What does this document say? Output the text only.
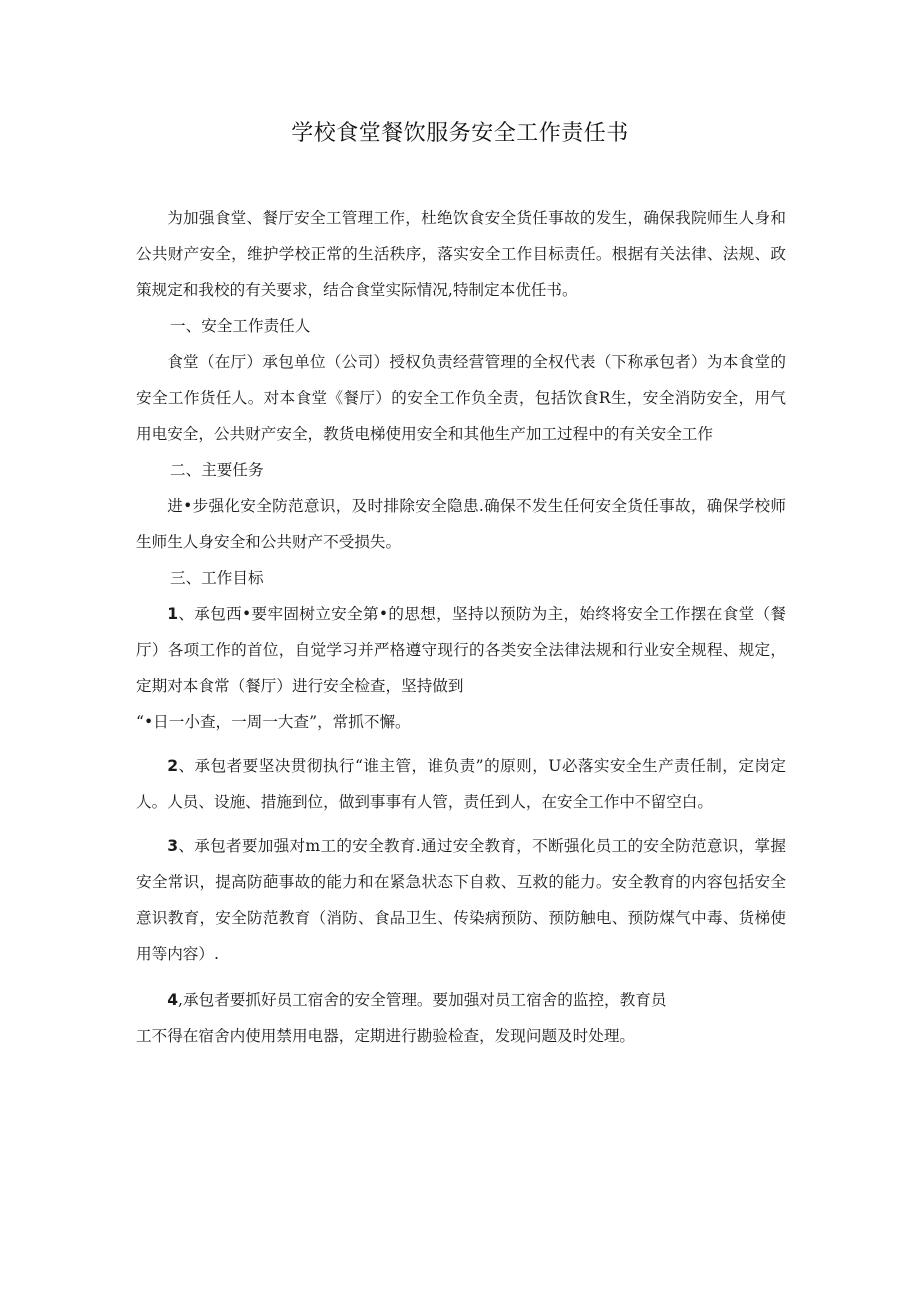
学校食堂餐饮服务安全工作责任书

为加强食堂、餐厅安全工管理工作，杜绝饮食安全货任事故的发生，确保我院师生人身和公共财产安全，维护学校正常的生活秩序，落实安全工作目标责任。根据有关法律、法规、政策规定和我校的有关要求，结合食堂实际情况,特制定本优任书。

一、安全工作责任人

食堂（在厅）承包单位（公司）授权负责经营管理的全权代表（下称承包者）为本食堂的安全工作货任人。对本食堂《餐厅）的安全工作负全责，包括饮食R生，安全消防安全，用气用电安全，公共财产安全，教货电梯使用安全和其他生产加工过程中的有关安全工作

二、主要任务

进•步强化安全防范意识，及时排除安全隐患.确保不发生任何安全货任事故，确保学校师生师生人身安全和公共财产不受损失。

三、工作目标

1、承包西•要牢固树立安全第•的思想，坚持以预防为主，始终将安全工作摆在食堂（餐厅）各项工作的首位，自觉学习并严格遵守现行的各类安全法律法规和行业安全规程、规定，定期对本食常（餐厅）进行安全检查，坚持做到

“•日一小查，一周一大查”，常抓不懈。

2、承包者要坚决贯彻执行“谁主管，谁负责”的原则，U必落实安全生产责任制，定岗定人。人员、设施、措施到位，做到事事有人管，责任到人，在安全工作中不留空白。

3、承包者要加强对m工的安全教育.通过安全教育，不断强化员工的安全防范意识，掌握安全常识，提高防葩事故的能力和在紧急状态下自救、互救的能力。安全教育的内容包括安全意识教育，安全防范教育（消防、食品卫生、传染病预防、预防触电、预防煤气中毒、货梯使用等内容）.

4,承包者要抓好员工宿舍的安全管理。要加强对员工宿舍的监控，教育员

工不得在宿舍内使用禁用电器，定期进行勘验检查，发现问题及时处理。
